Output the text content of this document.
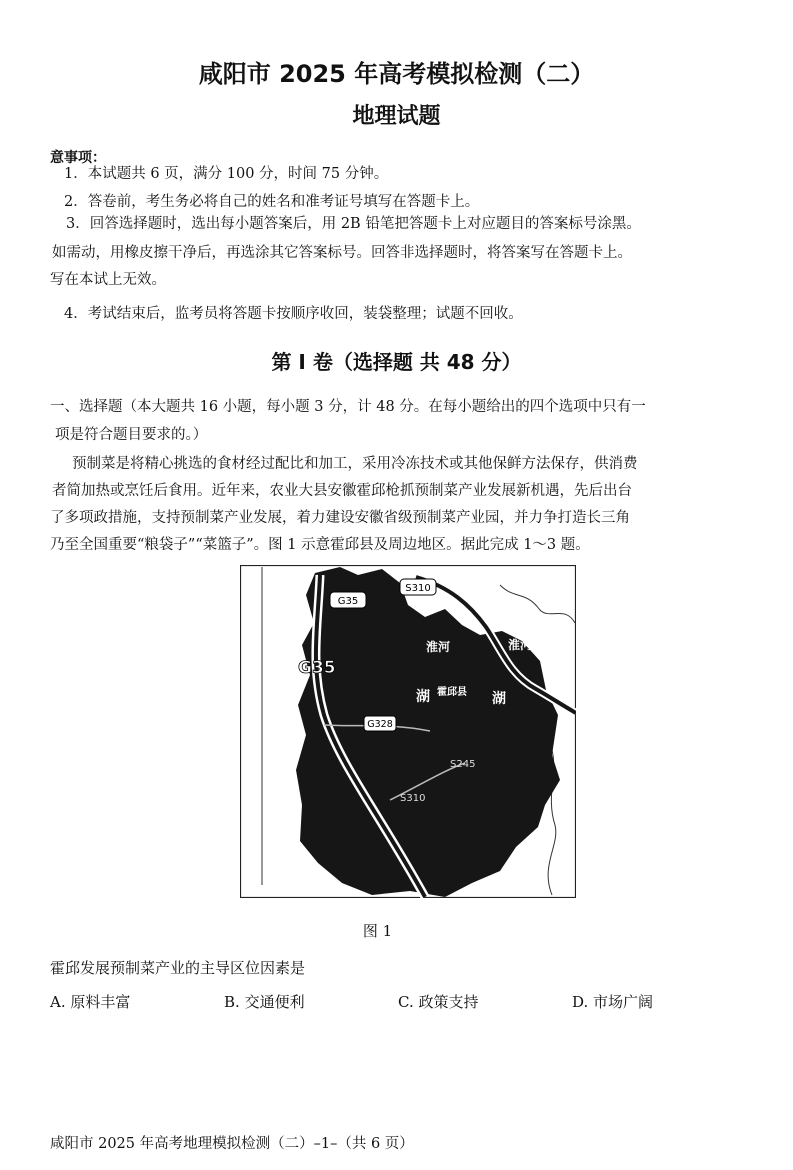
咸阳市 2025 年高考模拟检测（二）
地理试题
意事项：
1．本试题共 6 页，满分 100 分，时间 75 分钟。
2．答卷前，考生务必将自己的姓名和准考证号填写在答题卡上。
3．回答选择题时，选出每小题答案后，用 2B 铅笔把答题卡上对应题目的答案标号涂黑。
如需动，用橡皮擦干净后，再选涂其它答案标号。回答非选择题时，将答案写在答题卡上。
写在本试上无效。
4．考试结束后，监考员将答题卡按顺序收回，装袋整理；试题不回收。
第 Ⅰ 卷（选择题 共 48 分）
一、选择题（本大题共 16 小题，每小题 3 分，计 48 分。在每小题给出的四个选项中只有一
项是符合题目要求的。）
预制菜是将精心挑选的食材经过配比和加工，采用冷冻技术或其他保鲜方法保存，供消费
者简加热或烹饪后食用。近年来，农业大县安徽霍邱枪抓预制菜产业发展新机遇，先后出台
了多项政措施，支持预制菜产业发展，着力建设安徽省级预制菜产业园，并力争打造长三角
乃至全国重要“粮袋子”“菜篮子”。图 1 示意霍邱县及周边地区。据此完成 1～3 题。
G35
S310
G35
淮河	淮河
湖 霍邱县 湖
G328
S245
S310
图 1
霍邱发展预制菜产业的主导区位因素是
A. 原料丰富	B. 交通便利	C. 政策支持	D. 市场广阔
咸阳市 2025 年高考地理模拟检测（二）–1–（共 6 页）
